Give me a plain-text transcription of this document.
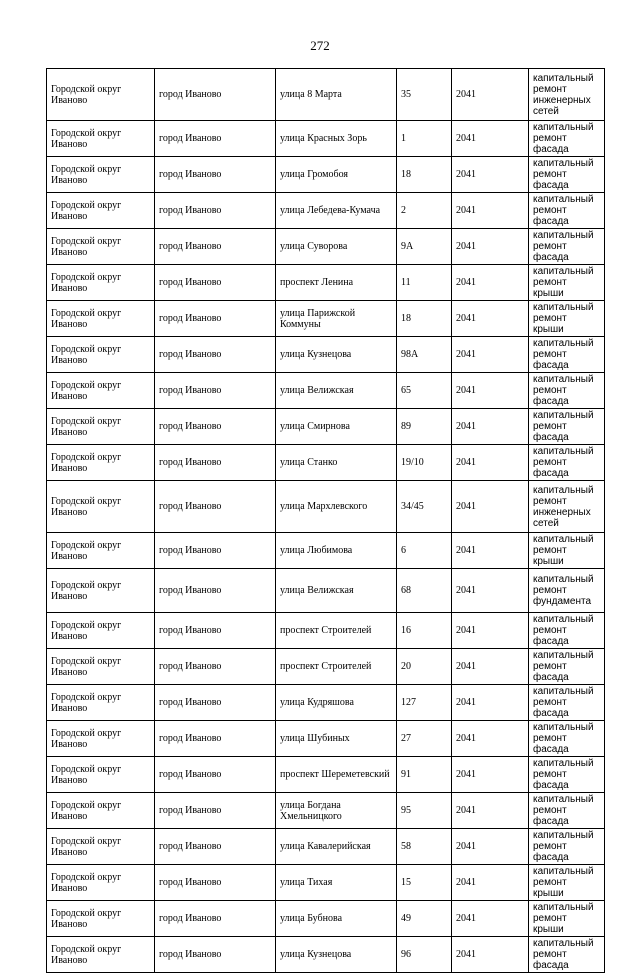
272
Городской округ Иваново	город Иваново	улица 8 Марта	35	2041	капитальный ремонт инженерных сетей
Городской округ Иваново	город Иваново	улица Красных Зорь	1	2041	капитальный ремонт фасада
Городской округ Иваново	город Иваново	улица Громобоя	18	2041	капитальный ремонт фасада
Городской округ Иваново	город Иваново	улица Лебедева-Кумача	2	2041	капитальный ремонт фасада
Городской округ Иваново	город Иваново	улица Суворова	9А	2041	капитальный ремонт фасада
Городской округ Иваново	город Иваново	проспект Ленина	11	2041	капитальный ремонт крыши
Городской округ Иваново	город Иваново	улица Парижской Коммуны	18	2041	капитальный ремонт крыши
Городской округ Иваново	город Иваново	улица Кузнецова	98А	2041	капитальный ремонт фасада
Городской округ Иваново	город Иваново	улица Велижская	65	2041	капитальный ремонт фасада
Городской округ Иваново	город Иваново	улица Смирнова	89	2041	капитальный ремонт фасада
Городской округ Иваново	город Иваново	улица Станко	19/10	2041	капитальный ремонт фасада
Городской округ Иваново	город Иваново	улица Мархлевского	34/45	2041	капитальный ремонт инженерных сетей
Городской округ Иваново	город Иваново	улица Любимова	6	2041	капитальный ремонт крыши
Городской округ Иваново	город Иваново	улица Велижская	68	2041	капитальный ремонт фундамента
Городской округ Иваново	город Иваново	проспект Строителей	16	2041	капитальный ремонт фасада
Городской округ Иваново	город Иваново	проспект Строителей	20	2041	капитальный ремонт фасада
Городской округ Иваново	город Иваново	улица Кудряшова	127	2041	капитальный ремонт фасада
Городской округ Иваново	город Иваново	улица Шубиных	27	2041	капитальный ремонт фасада
Городской округ Иваново	город Иваново	проспект Шереметевский	91	2041	капитальный ремонт фасада
Городской округ Иваново	город Иваново	улица Богдана Хмельницкого	95	2041	капитальный ремонт фасада
Городской округ Иваново	город Иваново	улица Кавалерийская	58	2041	капитальный ремонт фасада
Городской округ Иваново	город Иваново	улица Тихая	15	2041	капитальный ремонт крыши
Городской округ Иваново	город Иваново	улица Бубнова	49	2041	капитальный ремонт крыши
Городской округ Иваново	город Иваново	улица Кузнецова	96	2041	капитальный ремонт фасада
